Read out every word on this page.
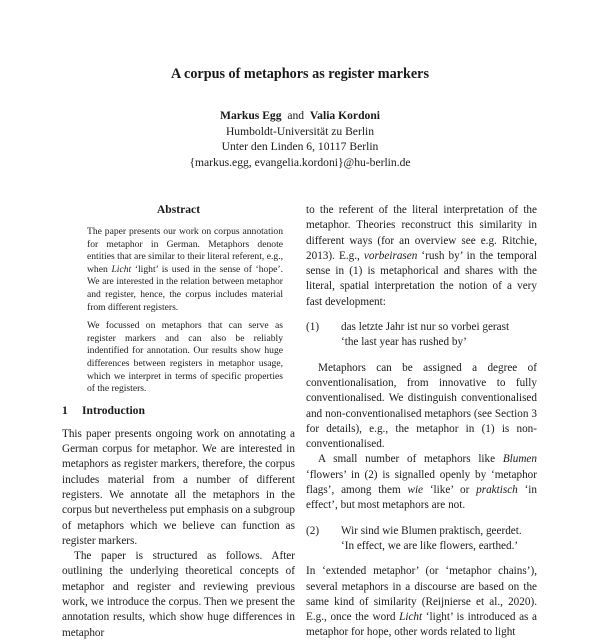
A corpus of metaphors as register markers
Markus Egg and Valia Kordoni
Humboldt-Universität zu Berlin
Unter den Linden 6, 10117 Berlin
{markus.egg, evangelia.kordoni}@hu-berlin.de
Abstract

The paper presents our work on corpus annotation for metaphor in German. Metaphors denote entities that are similar to their literal referent, e.g., when Licht ‘light’ is used in the sense of ‘hope’. We are interested in the relation between metaphor and register, hence, the corpus includes material from different registers.

We focussed on metaphors that can serve as register markers and can also be reliably indentified for annotation. Our results show huge differences between registers in metaphor usage, which we interpret in terms of specific properties of the registers.

1 Introduction

This paper presents ongoing work on annotating a German corpus for metaphor. We are interested in metaphors as register markers, therefore, the corpus includes material from a number of different registers. We annotate all the metaphors in the corpus but nevertheless put emphasis on a subgroup of metaphors which we believe can function as register markers.

The paper is structured as follows. After outlining the underlying theoretical concepts of metaphor and register and reviewing previous work, we introduce the corpus. Then we present the annotation results, which show huge differences in metaphor

to the referent of the literal interpretation of the metaphor. Theories reconstruct this similarity in different ways (for an overview see e.g. Ritchie, 2013). E.g., vorbeirasen ‘rush by’ in the temporal sense in (1) is metaphorical and shares with the literal, spatial interpretation the notion of a very fast development:

(1)	das letzte Jahr ist nur so vorbei gerast
‘the last year has rushed by’

Metaphors can be assigned a degree of conventionalisation, from innovative to fully conventionalised. We distinguish conventionalised and non-conventionalised metaphors (see Section 3 for details), e.g., the metaphor in (1) is non-conventionalised.

A small number of metaphors like Blumen ‘flowers’ in (2) is signalled openly by ‘metaphor flags’, among them wie ‘like’ or praktisch ‘in effect’, but most metaphors are not.

(2)	Wir sind wie Blumen praktisch, geerdet.
‘In effect, we are like flowers, earthed.’

In ‘extended metaphor’ (or ‘metaphor chains’), several metaphors in a discourse are based on the same kind of similarity (Reijnierse et al., 2020). E.g., once the word Licht ‘light’ is introduced as a metaphor for hope, other words related to light
